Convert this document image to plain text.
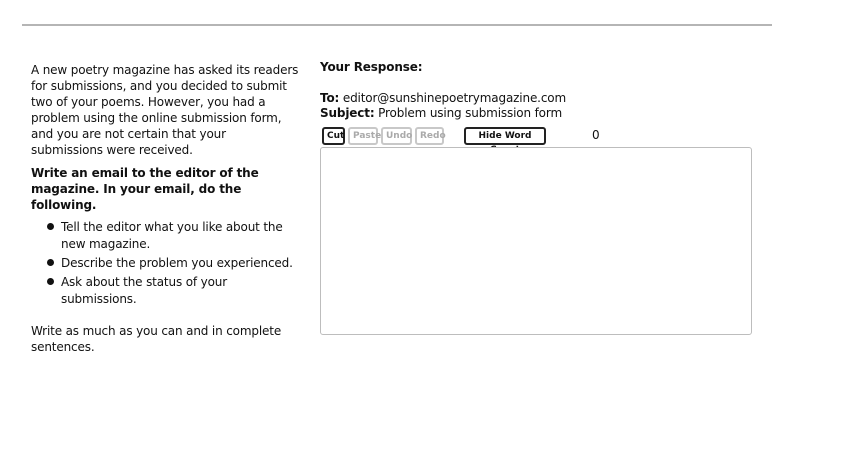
A new poetry magazine has asked its readers for submissions, and you decided to submit two of your poems. However, you had a problem using the online submission form, and you are not certain that your submissions were received.

Write an email to the editor of the magazine. In your email, do the following.

Tell the editor what you like about the new magazine.
Describe the problem you experienced.
Ask about the status of your submissions.

Write as much as you can and in complete sentences.

Your Response:

To: editor@sunshinepoetrymagazine.com
Subject: Problem using submission form
Cut Paste Undo Redo	Hide Word	0
